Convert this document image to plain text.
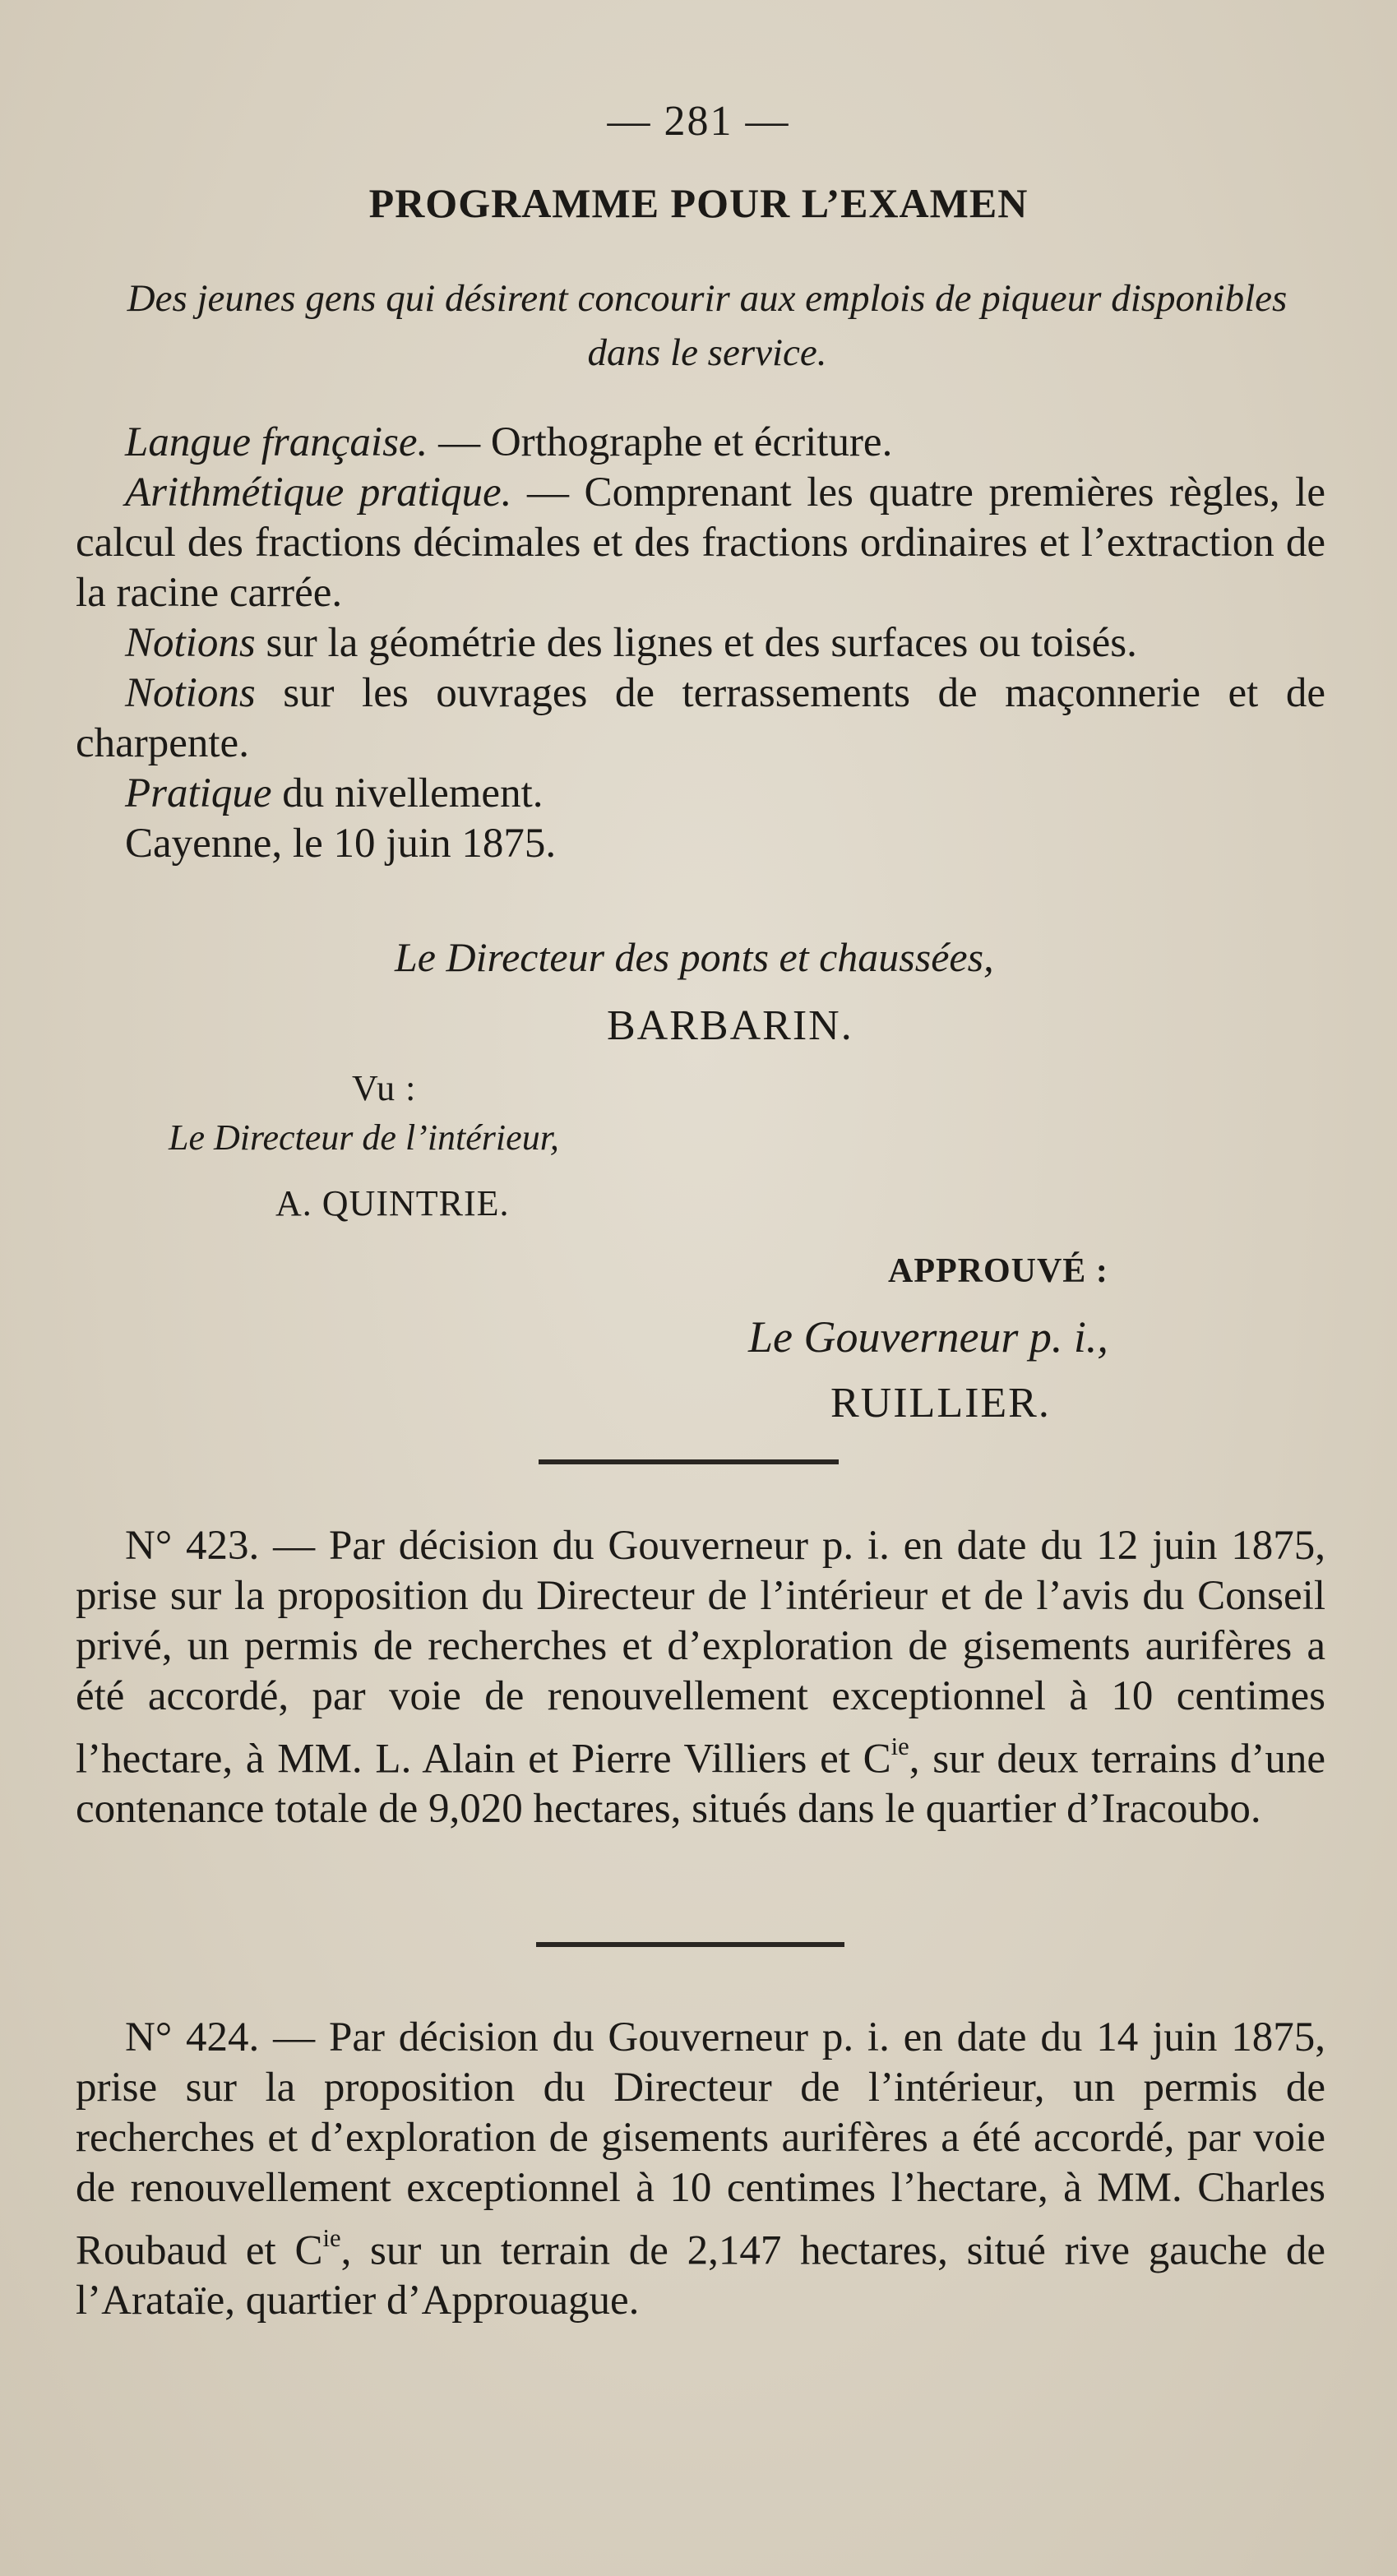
— 281 —
PROGRAMME POUR L’EXAMEN
Des jeunes gens qui désirent concourir aux emplois de piqueur disponibles dans le service.
Langue française. — Orthographe et écriture.
Arithmétique pratique. — Comprenant les quatre premières règles, le calcul des fractions décimales et des fractions ordinaires et l’extraction de la racine carrée.
Notions sur la géométrie des lignes et des surfaces ou toisés.
Notions sur les ouvrages de terrassements de maçonnerie et de charpente.
Pratique du nivellement.
Cayenne, le 10 juin 1875.
Le Directeur des ponts et chaussées,
BARBARIN.
Vu :
Le Directeur de l’intérieur,
A. QUINTRIE.
APPROUVÉ :
Le Gouverneur p. i.,
RUILLIER.
N° 423. — Par décision du Gouverneur p. i. en date du 12 juin 1875, prise sur la proposition du Directeur de l’intérieur et de l’avis du Conseil privé, un permis de recherches et d’exploration de gisements aurifères a été accordé, par voie de renouvellement exceptionnel à 10 centimes l’hectare, à MM. L. Alain et Pierre Villiers et $C^{ie}$, sur deux terrains d’une contenance totale de 9,020 hectares, situés dans le quartier d’Iracoubo.
N° 424. — Par décision du Gouverneur p. i. en date du 14 juin 1875, prise sur la proposition du Directeur de l’intérieur, un permis de recherches et d’exploration de gisements aurifères a été accordé, par voie de renouvellement exceptionnel à 10 centimes l’hectare, à MM. Charles Roubaud et $C^{ie}$, sur un terrain de 2,147 hectares, situé rive gauche de l’Arataïe, quartier d’Approuague.
